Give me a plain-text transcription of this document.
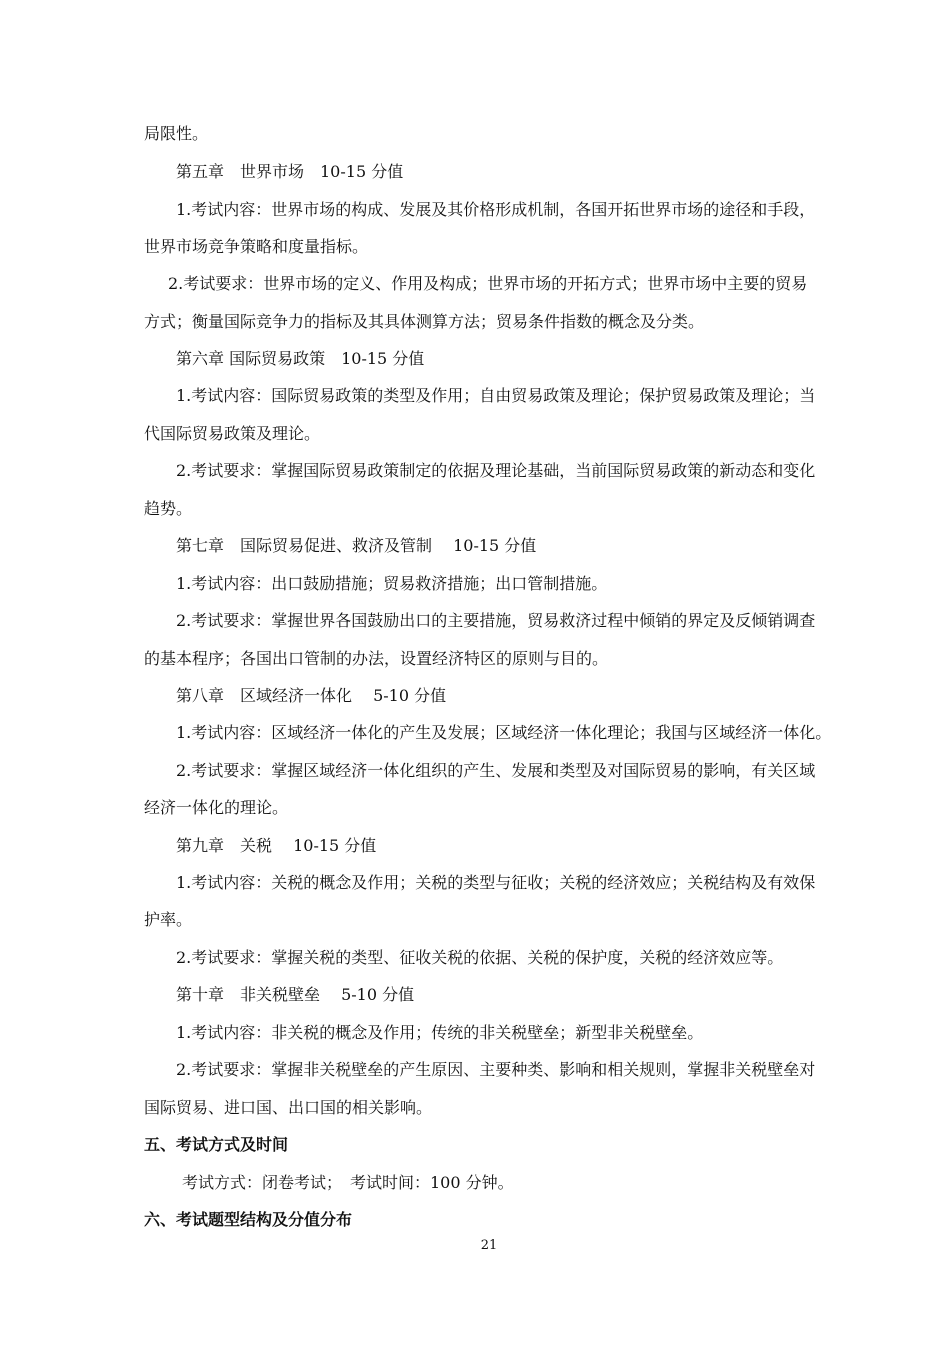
局限性。
第五章　世界市场　10-15 分值
1.考试内容：世界市场的构成、发展及其价格形成机制，各国开拓世界市场的途径和手段，
世界市场竞争策略和度量指标。
2.考试要求：世界市场的定义、作用及构成；世界市场的开拓方式；世界市场中主要的贸易
方式；衡量国际竞争力的指标及其具体测算方法；贸易条件指数的概念及分类。
第六章 国际贸易政策　10-15 分值
1.考试内容：国际贸易政策的类型及作用；自由贸易政策及理论；保护贸易政策及理论；当
代国际贸易政策及理论。
2.考试要求：掌握国际贸易政策制定的依据及理论基础，当前国际贸易政策的新动态和变化
趋势。
第七章　国际贸易促进、救济及管制　 10-15 分值
1.考试内容：出口鼓励措施；贸易救济措施；出口管制措施。
2.考试要求：掌握世界各国鼓励出口的主要措施，贸易救济过程中倾销的界定及反倾销调查
的基本程序；各国出口管制的办法，设置经济特区的原则与目的。
第八章　区域经济一体化　 5-10 分值
1.考试内容：区域经济一体化的产生及发展；区域经济一体化理论；我国与区域经济一体化。
2.考试要求：掌握区域经济一体化组织的产生、发展和类型及对国际贸易的影响，有关区域
经济一体化的理论。
第九章　关税　 10-15 分值
1.考试内容：关税的概念及作用；关税的类型与征收；关税的经济效应；关税结构及有效保
护率。
2.考试要求：掌握关税的类型、征收关税的依据、关税的保护度，关税的经济效应等。
第十章　非关税壁垒　 5-10 分值
1.考试内容：非关税的概念及作用；传统的非关税壁垒；新型非关税壁垒。
2.考试要求：掌握非关税壁垒的产生原因、主要种类、影响和相关规则，掌握非关税壁垒对
国际贸易、进口国、出口国的相关影响。
五、考试方式及时间
考试方式：闭卷考试；　考试时间：100 分钟。
六、考试题型结构及分值分布
21
